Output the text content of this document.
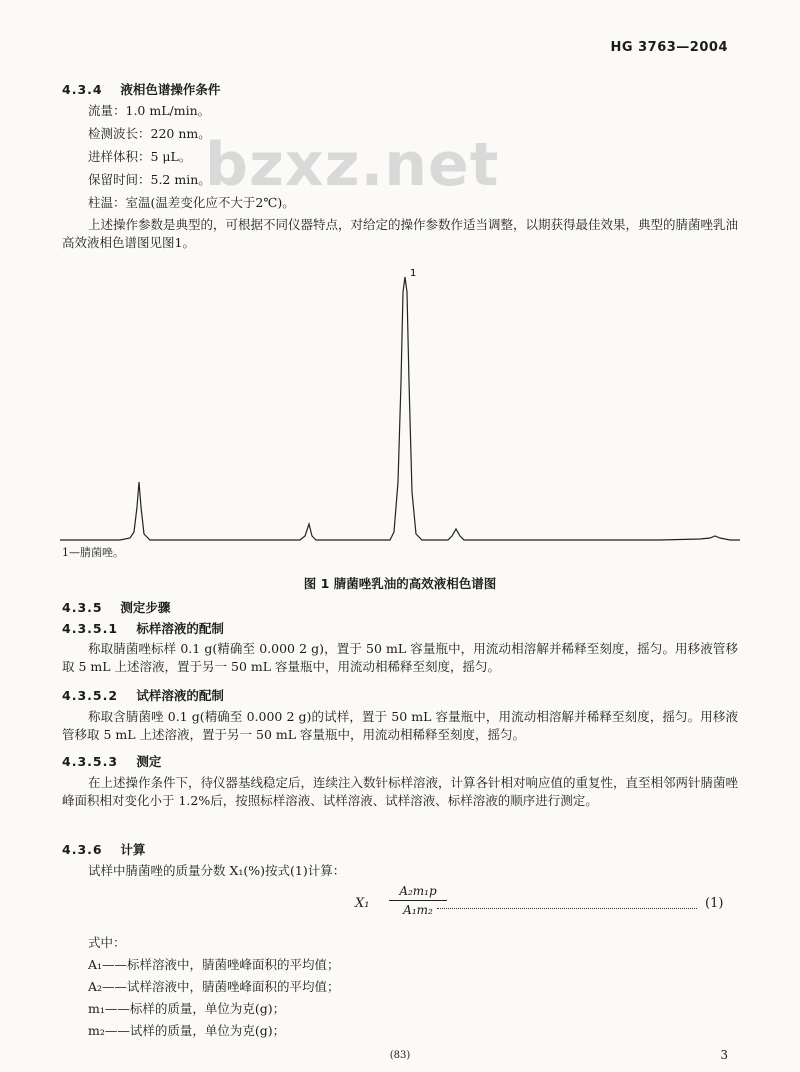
HG 3763—2004
4.3.4 液相色谱操作条件
流量：1.0 mL/min。
检测波长：220 nm。
进样体积：5 μL。
保留时间：5.2 min。
柱温：室温(温差变化应不大于2℃)。
上述操作参数是典型的，可根据不同仪器特点，对给定的操作参数作适当调整，以期获得最佳效果，典型的腈菌唑乳油高效液相色谱图见图1。
bzxz.net
1
1—腈菌唑。
图 1 腈菌唑乳油的高效液相色谱图
4.3.5 测定步骤
4.3.5.1 标样溶液的配制
称取腈菌唑标样 0.1 g(精确至 0.000 2 g)，置于 50 mL 容量瓶中，用流动相溶解并稀释至刻度，摇匀。用移液管移取 5 mL 上述溶液，置于另一 50 mL 容量瓶中，用流动相稀释至刻度，摇匀。
4.3.5.2 试样溶液的配制
称取含腈菌唑 0.1 g(精确至 0.000 2 g)的试样，置于 50 mL 容量瓶中，用流动相溶解并稀释至刻度，摇匀。用移液管移取 5 mL 上述溶液，置于另一 50 mL 容量瓶中，用流动相稀释至刻度，摇匀。
4.3.5.3 测定
在上述操作条件下，待仪器基线稳定后，连续注入数针标样溶液，计算各针相对响应值的重复性，直至相邻两针腈菌唑峰面积相对变化小于 1.2%后，按照标样溶液、试样溶液、试样溶液、标样溶液的顺序进行测定。
4.3.6 计算
试样中腈菌唑的质量分数 X₁(%)按式(1)计算：
X₁
A₂m₁p
A₁m₂	(1)
式中：
A₁——标样溶液中，腈菌唑峰面积的平均值；
A₂——试样溶液中，腈菌唑峰面积的平均值；
m₁——标样的质量，单位为克(g)；
m₂——试样的质量，单位为克(g)；
(83)	3
